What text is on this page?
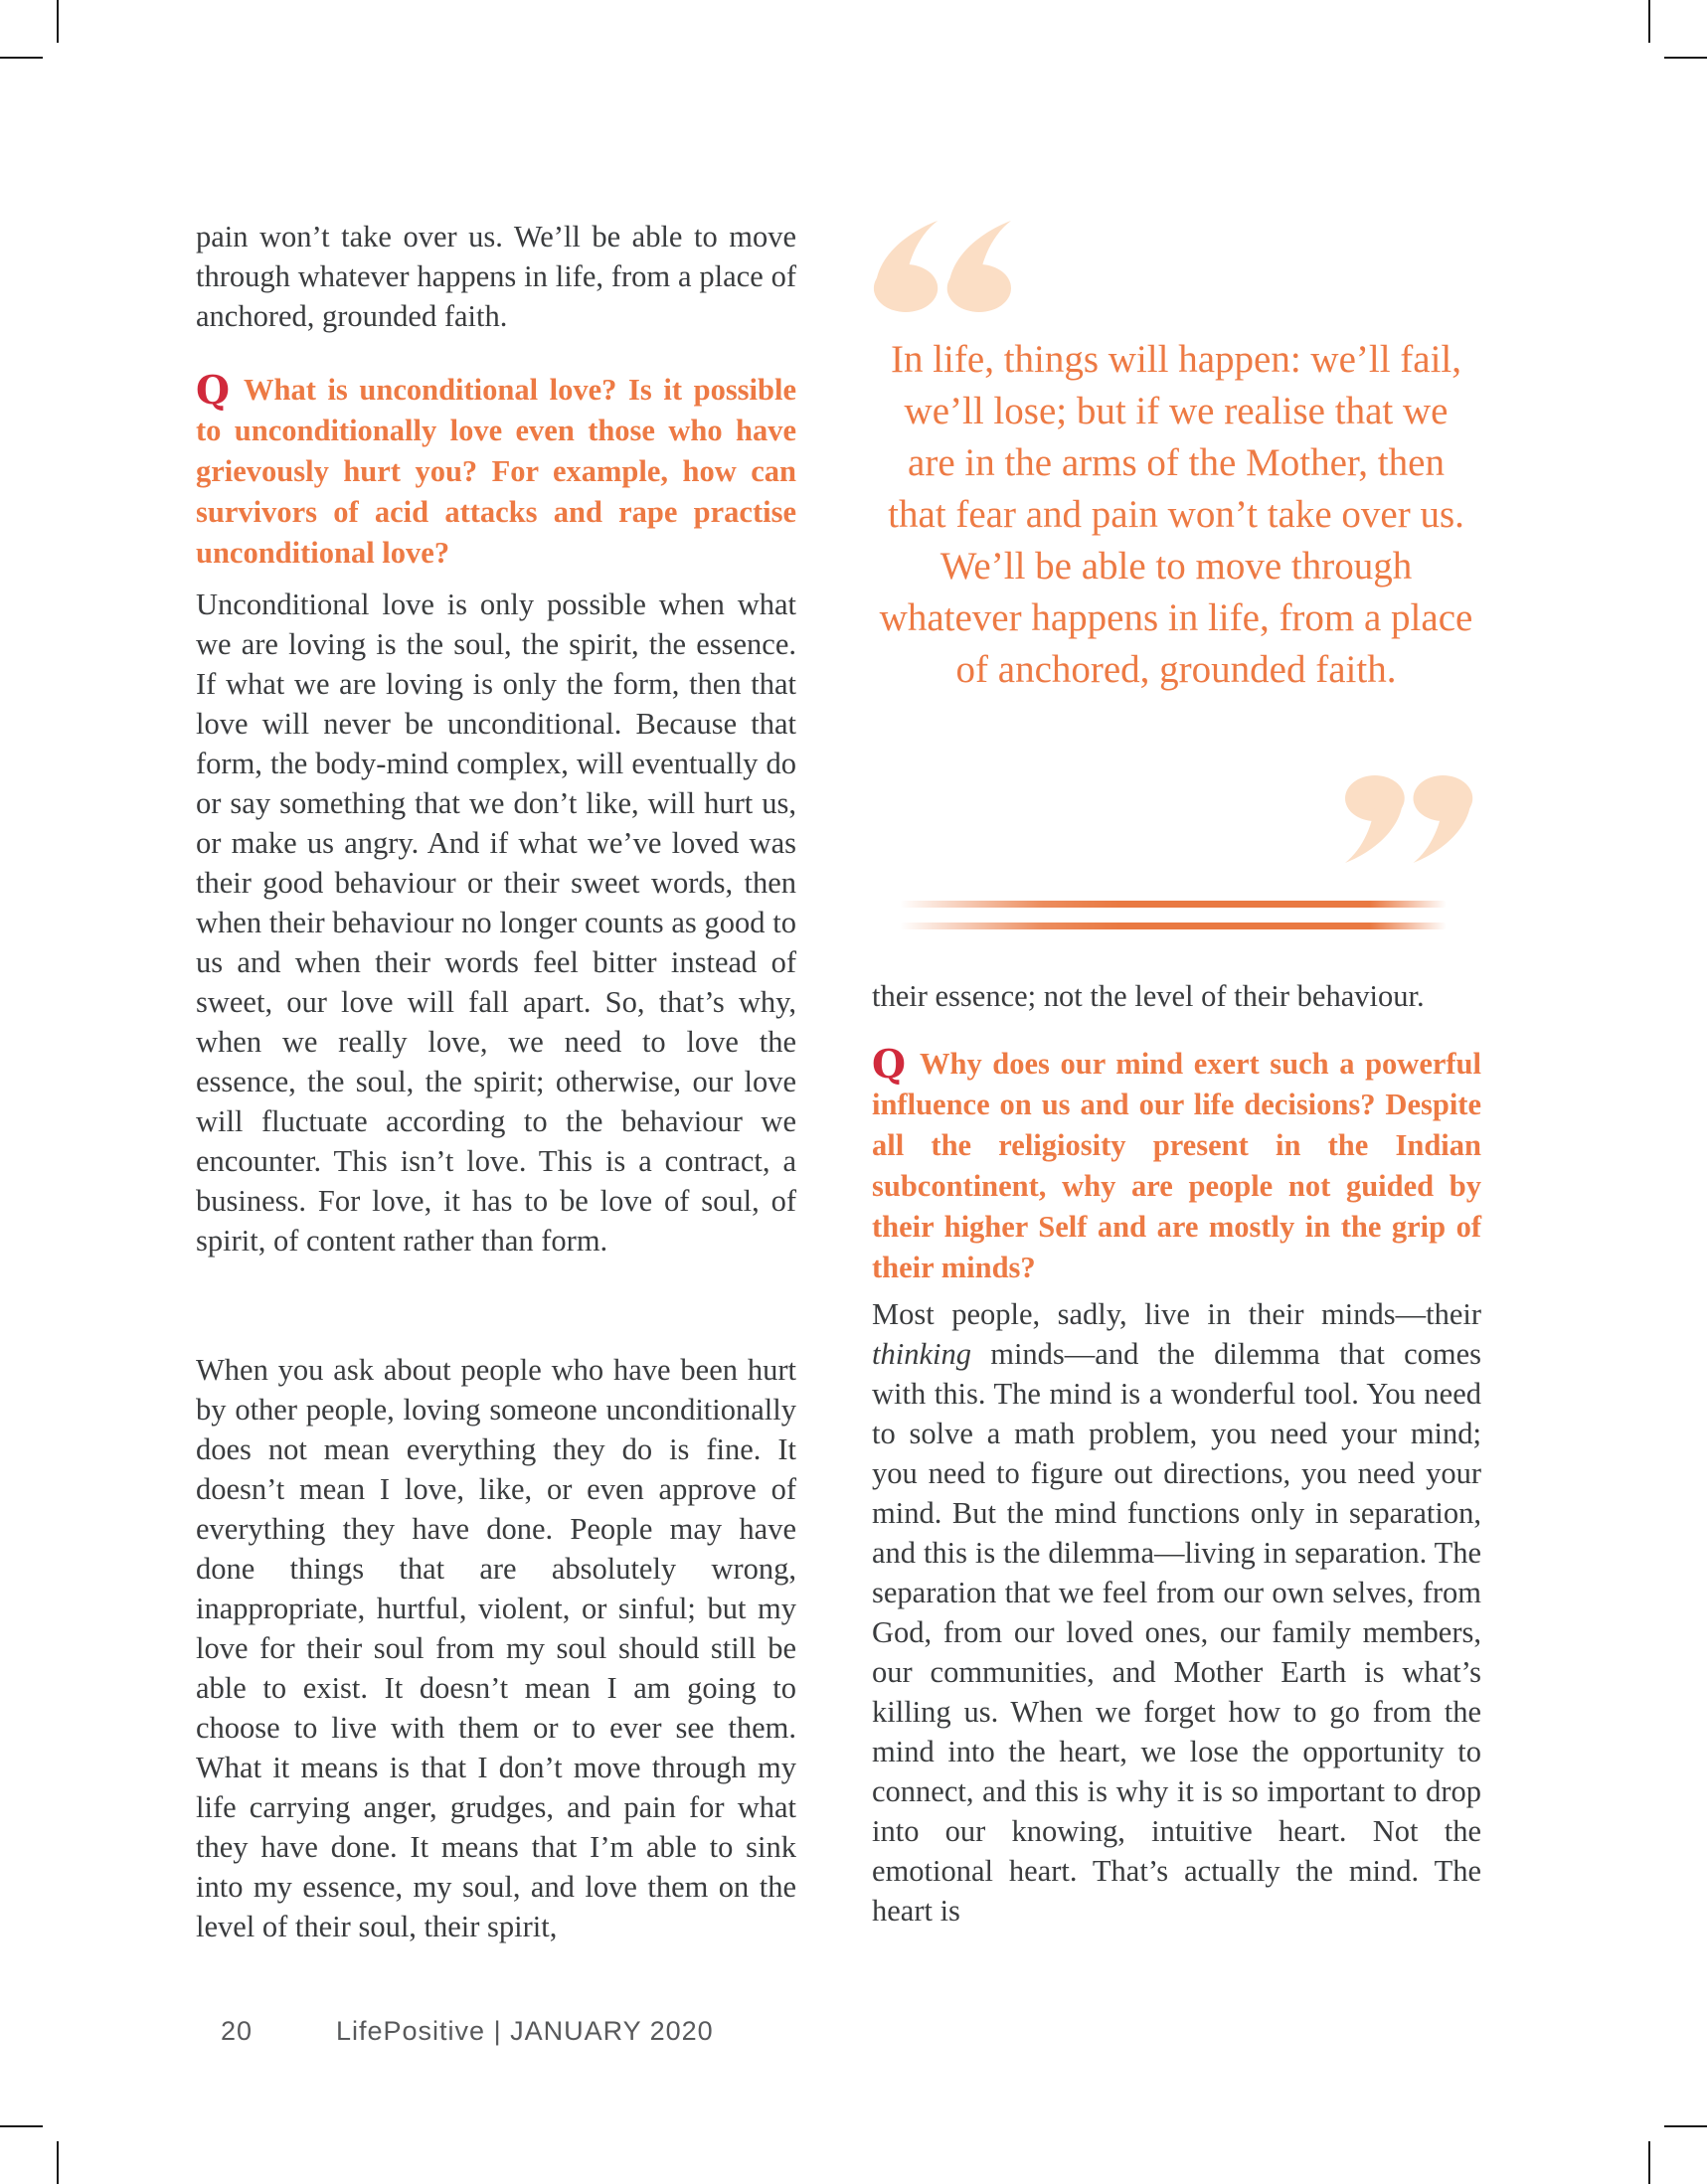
pain won’t take over us. We’ll be able to move through whatever happens in life, from a place of anchored, grounded faith.

Q What is unconditional love? Is it possible to unconditionally love even those who have grievously hurt you? For example, how can survivors of acid attacks and rape practise unconditional love?

Unconditional love is only possible when what we are loving is the soul, the spirit, the essence. If what we are loving is only the form, then that love will never be unconditional. Because that form, the body-mind complex, will eventually do or say something that we don’t like, will hurt us, or make us angry. And if what we’ve loved was their good behaviour or their sweet words, then when their behaviour no longer counts as good to us and when their words feel bitter instead of sweet, our love will fall apart. So, that’s why, when we really love, we need to love the essence, the soul, the spirit; otherwise, our love will fluctuate according to the behaviour we encounter. This isn’t love. This is a contract, a business. For love, it has to be love of soul, of spirit, of content rather than form.

When you ask about people who have been hurt by other people, loving someone unconditionally does not mean everything they do is fine. It doesn’t mean I love, like, or even approve of everything they have done. People may have done things that are absolutely wrong, inappropriate, hurtful, violent, or sinful; but my love for their soul from my soul should still be able to exist. It doesn’t mean I am going to choose to live with them or to ever see them. What it means is that I don’t move through my life carrying anger, grudges, and pain for what they have done. It means that I’m able to sink into my essence, my soul, and love them on the level of their soul, their spirit,

In life, things will happen: we’ll fail, we’ll lose; but if we realise that we are in the arms of the Mother, then that fear and pain won’t take over us. We’ll be able to move through whatever happens in life, from a place of anchored, grounded faith.

their essence; not the level of their behaviour.

Q Why does our mind exert such a powerful influence on us and our life decisions? Despite all the religiosity present in the Indian subcontinent, why are people not guided by their higher Self and are mostly in the grip of their minds?

Most people, sadly, live in their minds—their thinking minds—and the dilemma that comes with this. The mind is a wonderful tool. You need to solve a math problem, you need your mind; you need to figure out directions, you need your mind. But the mind functions only in separation, and this is the dilemma—living in separation. The separation that we feel from our own selves, from God, from our loved ones, our family members, our communities, and Mother Earth is what’s killing us. When we forget how to go from the mind into the heart, we lose the opportunity to connect, and this is why it is so important to drop into our knowing, intuitive heart. Not the emotional heart. That’s actually the mind. The heart is

20	LifePositive | JANUARY 2020
